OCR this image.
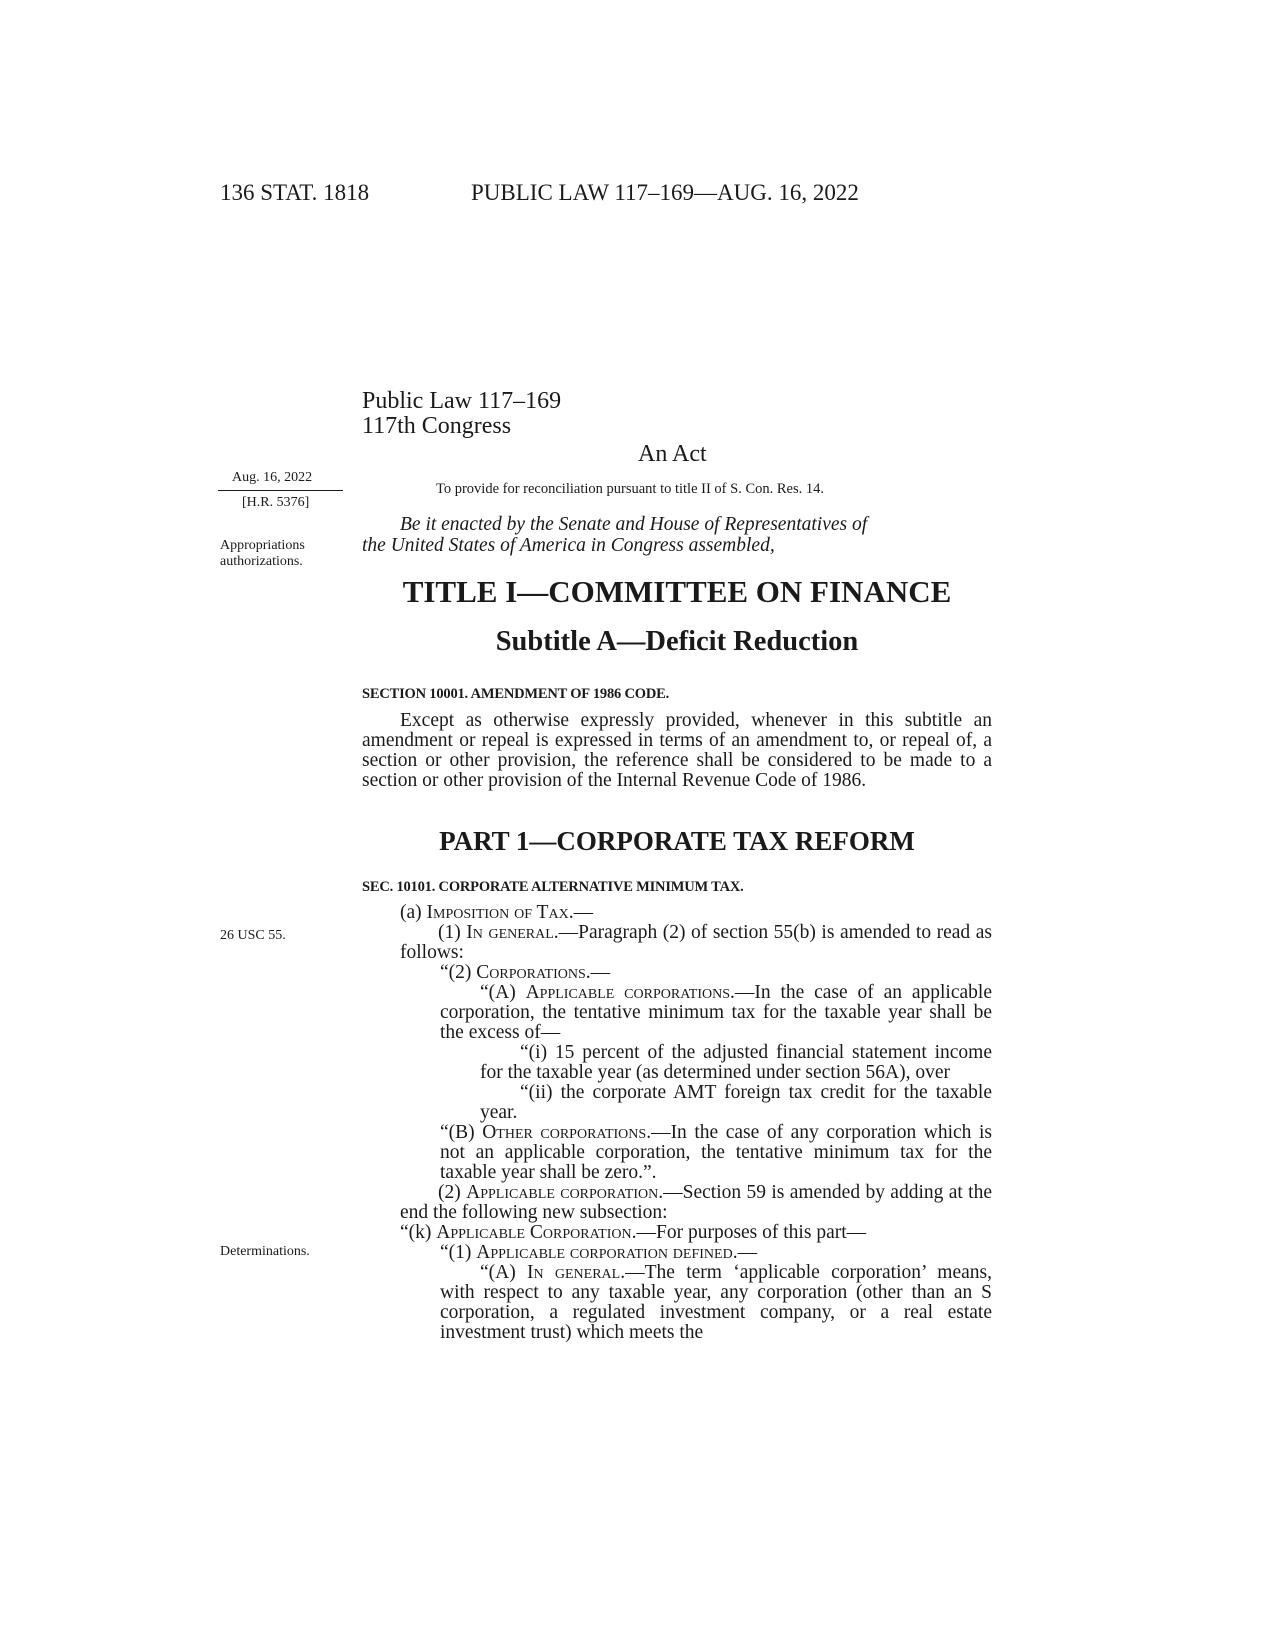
136 STAT. 1818	PUBLIC LAW 117–169—AUG. 16, 2022
Public Law 117–169
117th Congress
An Act
To provide for reconciliation pursuant to title II of S. Con. Res. 14.
Aug. 16, 2022
[H.R. 5376]
Appropriations
authorizations.
26 USC 55.
Determinations.
Be it enacted by the Senate and House of Representatives of
the United States of America in Congress assembled,
TITLE I—COMMITTEE ON FINANCE
Subtitle A—Deficit Reduction
SECTION 10001. AMENDMENT OF 1986 CODE.

Except as otherwise expressly provided, whenever in this subtitle an amendment or repeal is expressed in terms of an amendment to, or repeal of, a section or other provision, the reference shall be considered to be made to a section or other provision of the Internal Revenue Code of 1986.

PART 1—CORPORATE TAX REFORM
SEC. 10101. CORPORATE ALTERNATIVE MINIMUM TAX.

(a) Imposition of Tax.—

(1) In general.—Paragraph (2) of section 55(b) is amended to read as follows:

“(2) Corporations.—

“(A) Applicable corporations.—In the case of an applicable corporation, the tentative minimum tax for the taxable year shall be the excess of—

“(i) 15 percent of the adjusted financial statement income for the taxable year (as determined under section 56A), over

“(ii) the corporate AMT foreign tax credit for the taxable year.

“(B) Other corporations.—In the case of any corporation which is not an applicable corporation, the tentative minimum tax for the taxable year shall be zero.”.

(2) Applicable corporation.—Section 59 is amended by adding at the end the following new subsection:

“(k) Applicable Corporation.—For purposes of this part—

“(1) Applicable corporation defined.—

“(A) In general.—The term ‘applicable corporation’ means, with respect to any taxable year, any corporation (other than an S corporation, a regulated investment company, or a real estate investment trust) which meets the
